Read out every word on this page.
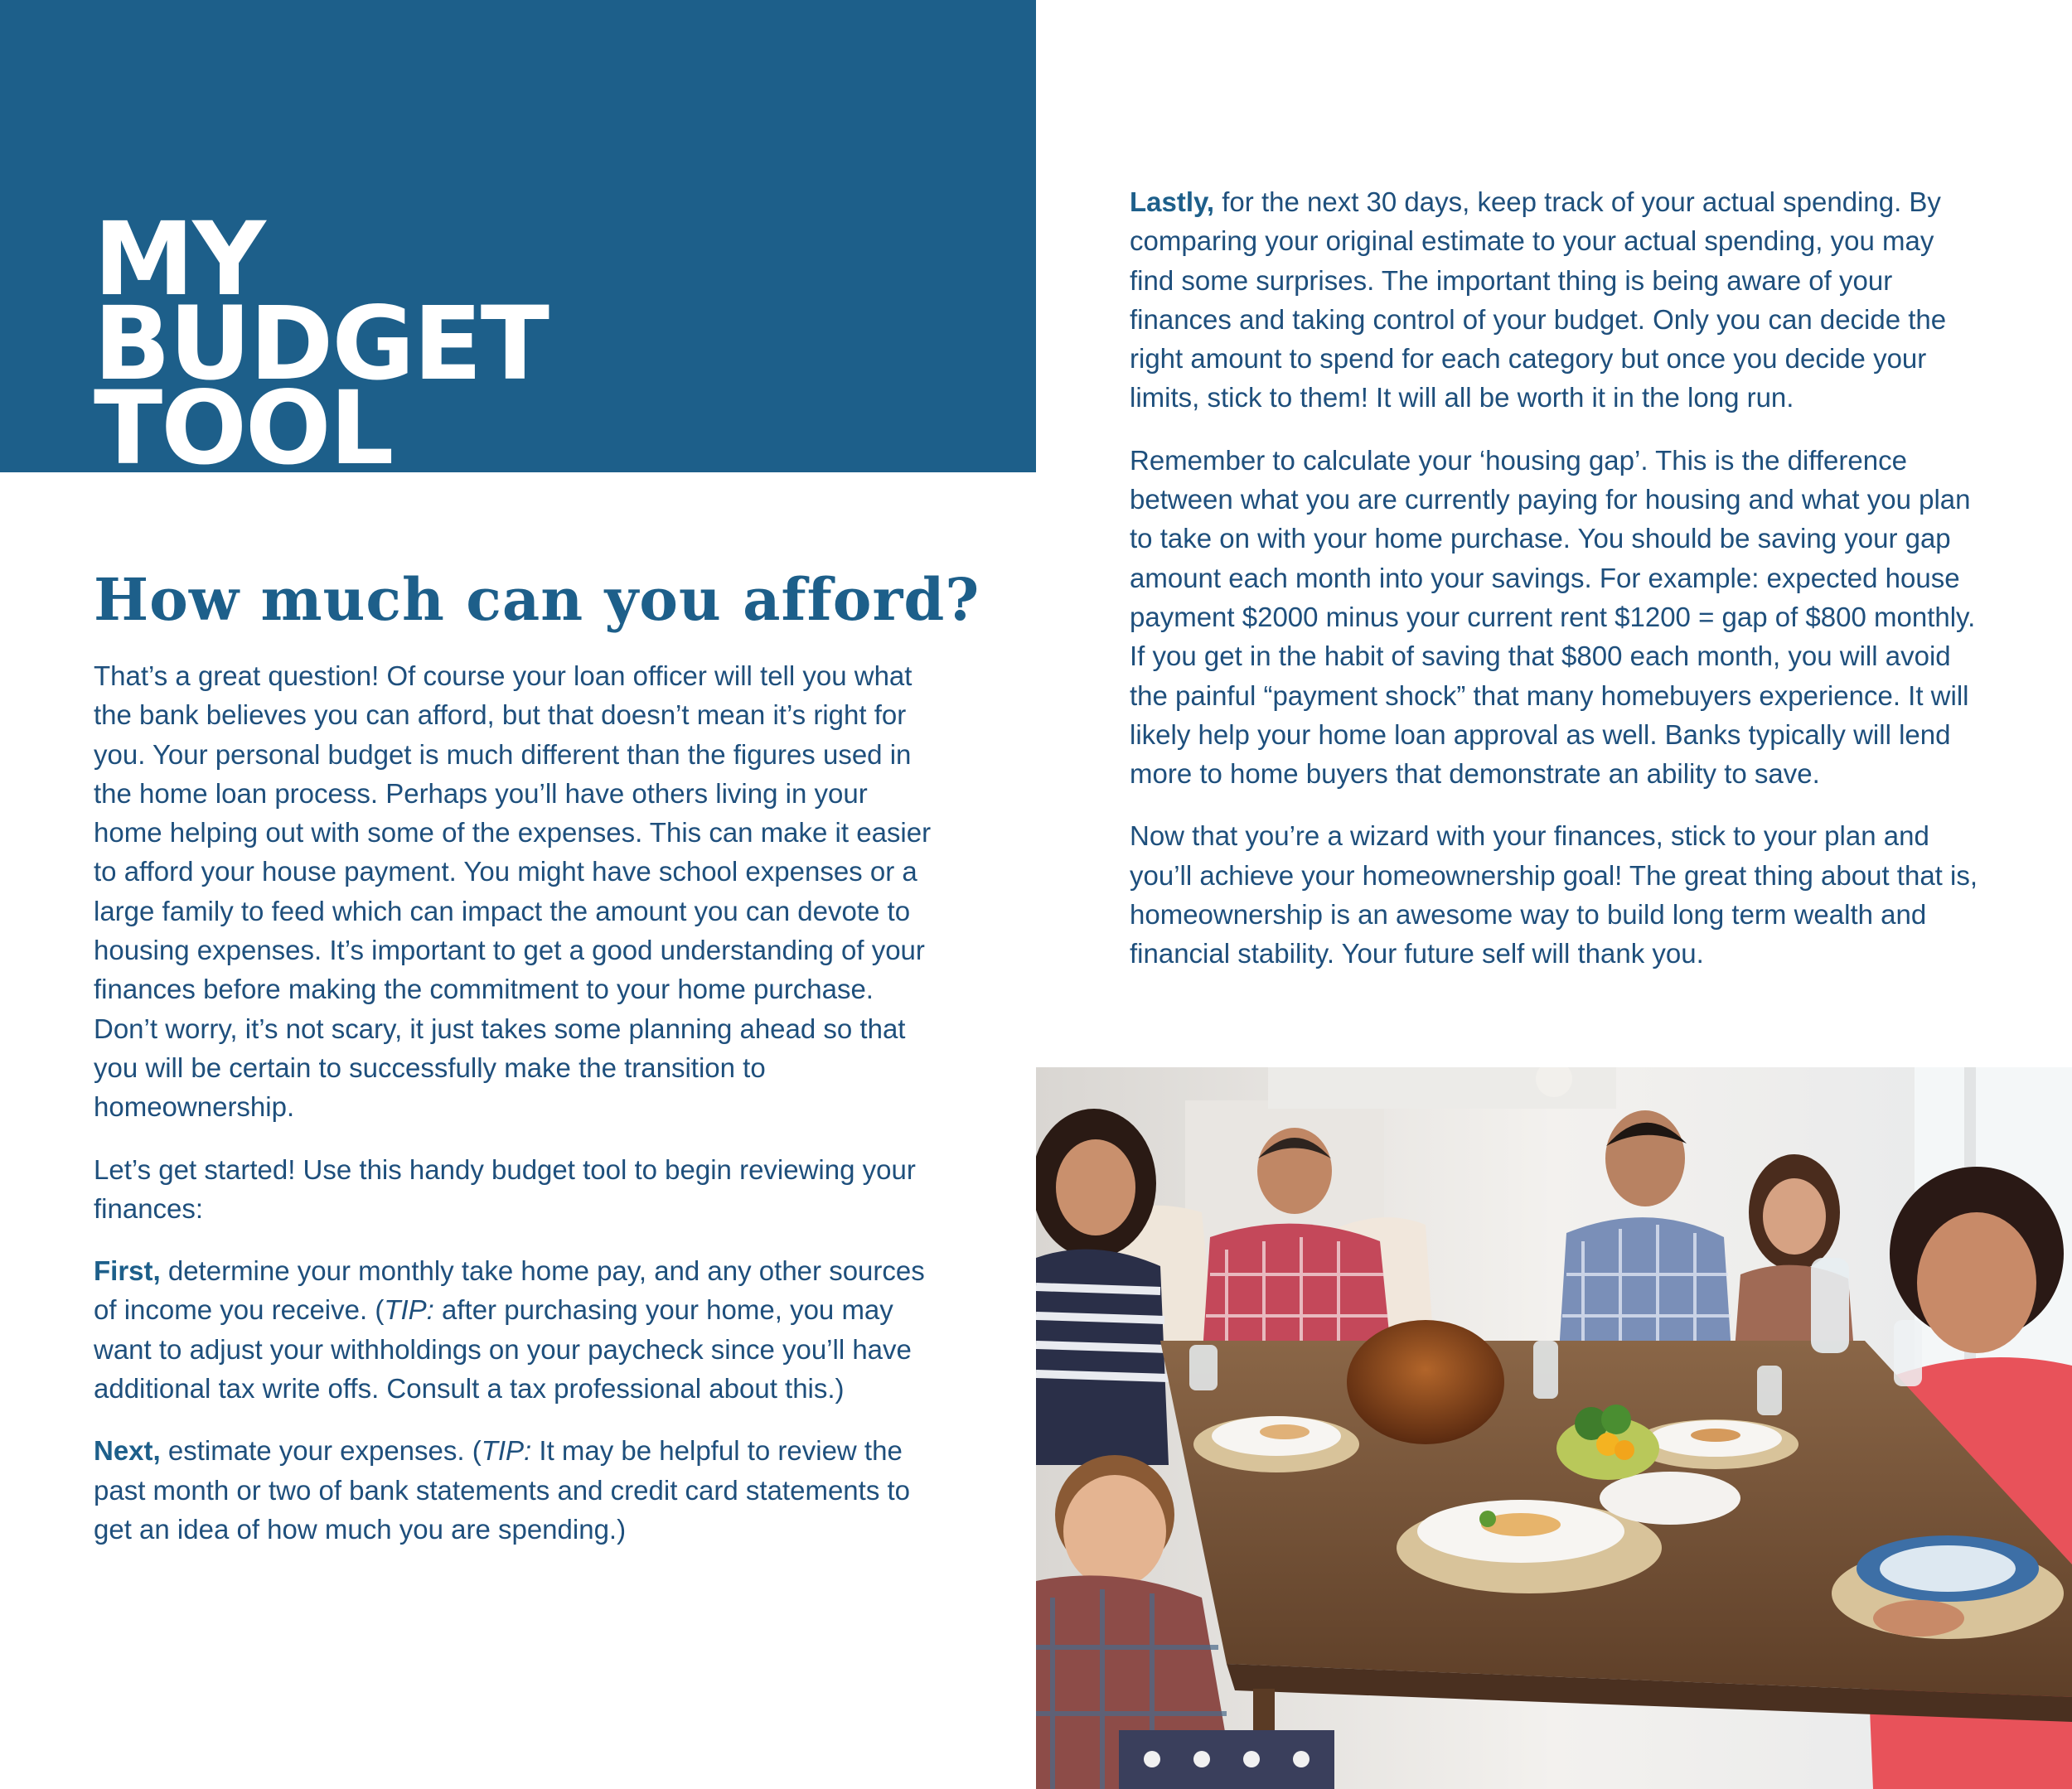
MY
BUDGET
TOOL
How much can you afford?

That’s a great question! Of course your loan officer will tell you what the bank believes you can afford, but that doesn’t mean it’s right for you. Your personal budget is much different than the figures used in the home loan process. Perhaps you’ll have others living in your home helping out with some of the expenses. This can make it easier to afford your house payment. You might have school expenses or a large family to feed which can impact the amount you can devote to housing expenses. It’s important to get a good understanding of your finances before making the commitment to your home purchase. Don’t worry, it’s not scary, it just takes some planning ahead so that you will be certain to successfully make the transition to homeownership.

Let’s get started! Use this handy budget tool to begin reviewing your finances:

First, determine your monthly take home pay, and any other sources of income you receive. (TIP: after purchasing your home, you may want to adjust your withholdings on your paycheck since you’ll have additional tax write offs. Consult a tax professional about this.)

Next, estimate your expenses. (TIP: It may be helpful to review the past month or two of bank statements and credit card statements to get an idea of how much you are spending.)

Lastly, for the next 30 days, keep track of your actual spending. By comparing your original estimate to your actual spending, you may find some surprises. The important thing is being aware of your finances and taking control of your budget. Only you can decide the right amount to spend for each category but once you decide your limits, stick to them! It will all be worth it in the long run.

Remember to calculate your ‘housing gap’. This is the difference between what you are currently paying for housing and what you plan to take on with your home purchase. You should be saving your gap amount each month into your savings. For example: expected house payment $2000 minus your current rent $1200 = gap of $800 monthly. If you get in the habit of saving that $800 each month, you will avoid the painful “payment shock” that many homebuyers experience. It will likely help your home loan approval as well. Banks typically will lend more to home buyers that demonstrate an ability to save.

Now that you’re a wizard with your finances, stick to your plan and you’ll achieve your homeownership goal! The great thing about that is, homeownership is an awesome way to build long term wealth and financial stability. Your future self will thank you.
